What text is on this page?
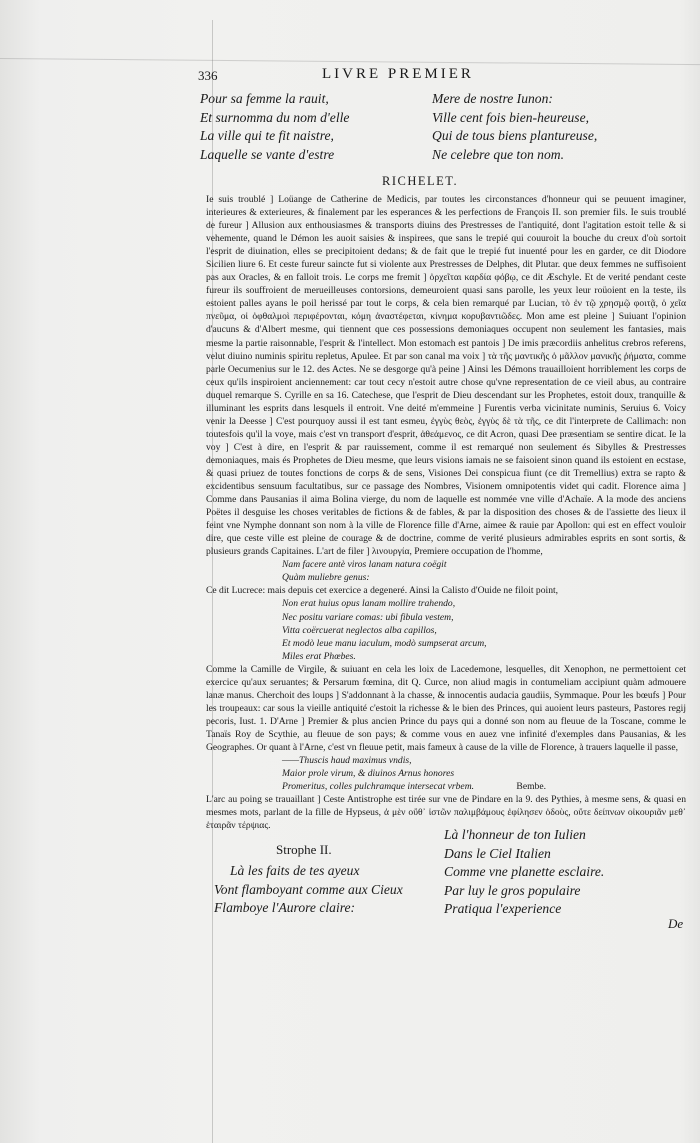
336	LIVRE PREMIER
Pour sa femme la rauit,
Et surnomma du nom d'elle
La ville qui te fit naistre,
Laquelle se vante d'estre
Mere de nostre Iunon:
Ville cent fois bien-heureuse,
Qui de tous biens plantureuse,
Ne celebre que ton nom.
RICHELET.

Ie suis troublé ] Loüange de Catherine de Medicis, par toutes les circonstances d'honneur qui se peuuent imaginer, interieures & exterieures, & finalement par les esperances & les perfections de François II. son premier fils. Ie suis troublé de fureur ] Allusion aux enthousiasmes & transports diuins des Prestresses de l'antiquité, dont l'agitation estoit telle & si vehemente, quand le Démon les auoit saisies & inspirees, que sans le trepié qui couuroit la bouche du creux d'où sortoit l'esprit de diuination, elles se precipitoient dedans; & de fait que le trepié fut inuenté pour les en garder, ce dit Diodore Sicilien liure 6. Et ceste fureur saincte fut si violente aux Prestresses de Delphes, dit Plutar. que deux femmes ne suffisoient pas aux Oracles, & en falloit trois. Le corps me fremit ] ὀρχεῖται καρδία φόβῳ, ce dit Æschyle. Et de verité pendant ceste fureur ils souffroient de merueilleuses contorsions, demeuroient quasi sans parolle, les yeux leur roüoient en la teste, ils estoient palles ayans le poil herissé par tout le corps, & cela bien remarqué par Lucian, τὸ ἐν τῷ χρησμῷ φοιτᾷ, ὁ χεῖα πνεῦμα, οἱ ὀφθαλμοὶ περιφέρονται, κόμη ἀναστέφεται, κίνημα κορυβαντιῶδες. Mon ame est pleine ] Suiuant l'opinion d'aucuns & d'Albert mesme, qui tiennent que ces possessions demoniaques occupent non seulement les fantasies, mais mesme la partie raisonnable, l'esprit & l'intellect. Mon estomach est pantois ] De imis præcordiis anhelitus crebros referens, velut diuino numinis spiritu repletus, Apulee. Et par son canal ma voix ] τὰ τῆς μαντικῆς ὁ μᾶλλον μανικῆς ῥήματα, comme parle Oecumenius sur le 12. des Actes. Ne se desgorge qu'à peine ] Ainsi les Démons trauailloient horriblement les corps de ceux qu'ils inspiroient anciennement: car tout cecy n'estoit autre chose qu'vne representation de ce vieil abus, au contraire duquel remarque S. Cyrille en sa 16. Catechese, que l'esprit de Dieu descendant sur les Prophetes, estoit doux, tranquille & illuminant les esprits dans lesquels il entroit. Vne deité m'emmeine ] Furentis verba vicinitate numinis, Seruius 6. Voicy venir la Deesse ] C'est pourquoy aussi il est tant esmeu, ἐγγὺς θεὸς, ἐγγὺς δὲ τὰ τῆς, ce dit l'interprete de Callimach: non toutesfois qu'il la voye, mais c'est vn transport d'esprit, ἀθεάμενος, ce dit Acron, quasi Dee præsentiam se sentire dicat. Ie la voy ] C'est à dire, en l'esprit & par rauissement, comme il est remarqué non seulement és Sibylles & Prestresses demoniaques, mais és Prophetes de Dieu mesme, que leurs visions iamais ne se faisoient sinon quand ils estoient en ecstase, & quasi priuez de toutes fonctions de corps & de sens, Visiones Dei conspicua fiunt (ce dit Tremellius) extra se rapto & excidentibus sensuum facultatibus, sur ce passage des Nombres, Visionem omnipotentis videt qui cadit. Florence aima ] Comme dans Pausanias il aima Bolina vierge, du nom de laquelle est nommée vne ville d'Achaïe. A la mode des anciens Poëtes il desguise les choses veritables de fictions & de fables, & par la disposition des choses & de l'assiette des lieux il feint vne Nymphe donnant son nom à la ville de Florence fille d'Arne, aimee & rauie par Apollon: qui est en effect vouloir dire, que ceste ville est pleine de courage & de doctrine, comme de verité plusieurs admirables esprits en sont sortis, & plusieurs grands Capitaines. L'art de filer ] λινουργία, Premiere occupation de l'homme,

Nam facere antè viros lanam natura coëgit
Quàm muliebre genus:

Ce dit Lucrece: mais depuis cet exercice a degeneré. Ainsi la Calisto d'Ouide ne filoit point,

Non erat huius opus lanam mollire trahendo,
Nec positu variare comas: ubi fibula vestem,
Vitta coërcuerat neglectos alba capillos,
Et modò leue manu iaculum, modò sumpserat arcum,
Miles erat Phœbes.

Comme la Camille de Virgile, & suiuant en cela les loix de Lacedemone, lesquelles, dit Xenophon, ne permettoient cet exercice qu'aux seruantes; & Persarum fœmina, dit Q. Curce, non aliud magis in contumeliam accipiunt quàm admouere lanæ manus. Cherchoit des loups ] S'addonnant à la chasse, & innocentis audacia gaudiis, Symmaque. Pour les bœufs ] Pour les troupeaux: car sous la vieille antiquité c'estoit la richesse & le bien des Princes, qui auoient leurs pasteurs, Pastores regij pecoris, Iust. 1. D'Arne ] Premier & plus ancien Prince du pays qui a donné son nom au fleuue de la Toscane, comme le Tanaïs Roy de Scythie, au fleuue de son pays; & comme vous en auez vne infinité d'exemples dans Pausanias, & les Geographes. Or quant à l'Arne, c'est vn fleuue petit, mais fameux à cause de la ville de Florence, à trauers laquelle il passe,

——Thuscis haud maximus vndis,
Maior prole virum, & diuinos Arnus honores
Promeritus, colles pulchramque intersecat vrbem.	Bembe.

L'arc au poing se trauaillant ] Ceste Antistrophe est tirée sur vne de Pindare en la 9. des Pythies, à mesme sens, & quasi en mesmes mots, parlant de la fille de Hypseus, ἁ μὲν οὔθ᾽ ἱστῶν παλιμβάμους ἐφίλησεν ὁδοὺς, οὔτε δείπνων οἰκουριᾶν μεθ᾽ ἑταιρᾶν τέρψιας.

Strophe II.
Là les faits de tes ayeux
Vont flamboyant comme aux Cieux
Flamboye l'Aurore claire:
Là l'honneur de ton Iulien
Dans le Ciel Italien
Comme vne planette esclaire.
Par luy le gros populaire
Pratiqua l'experience
De
